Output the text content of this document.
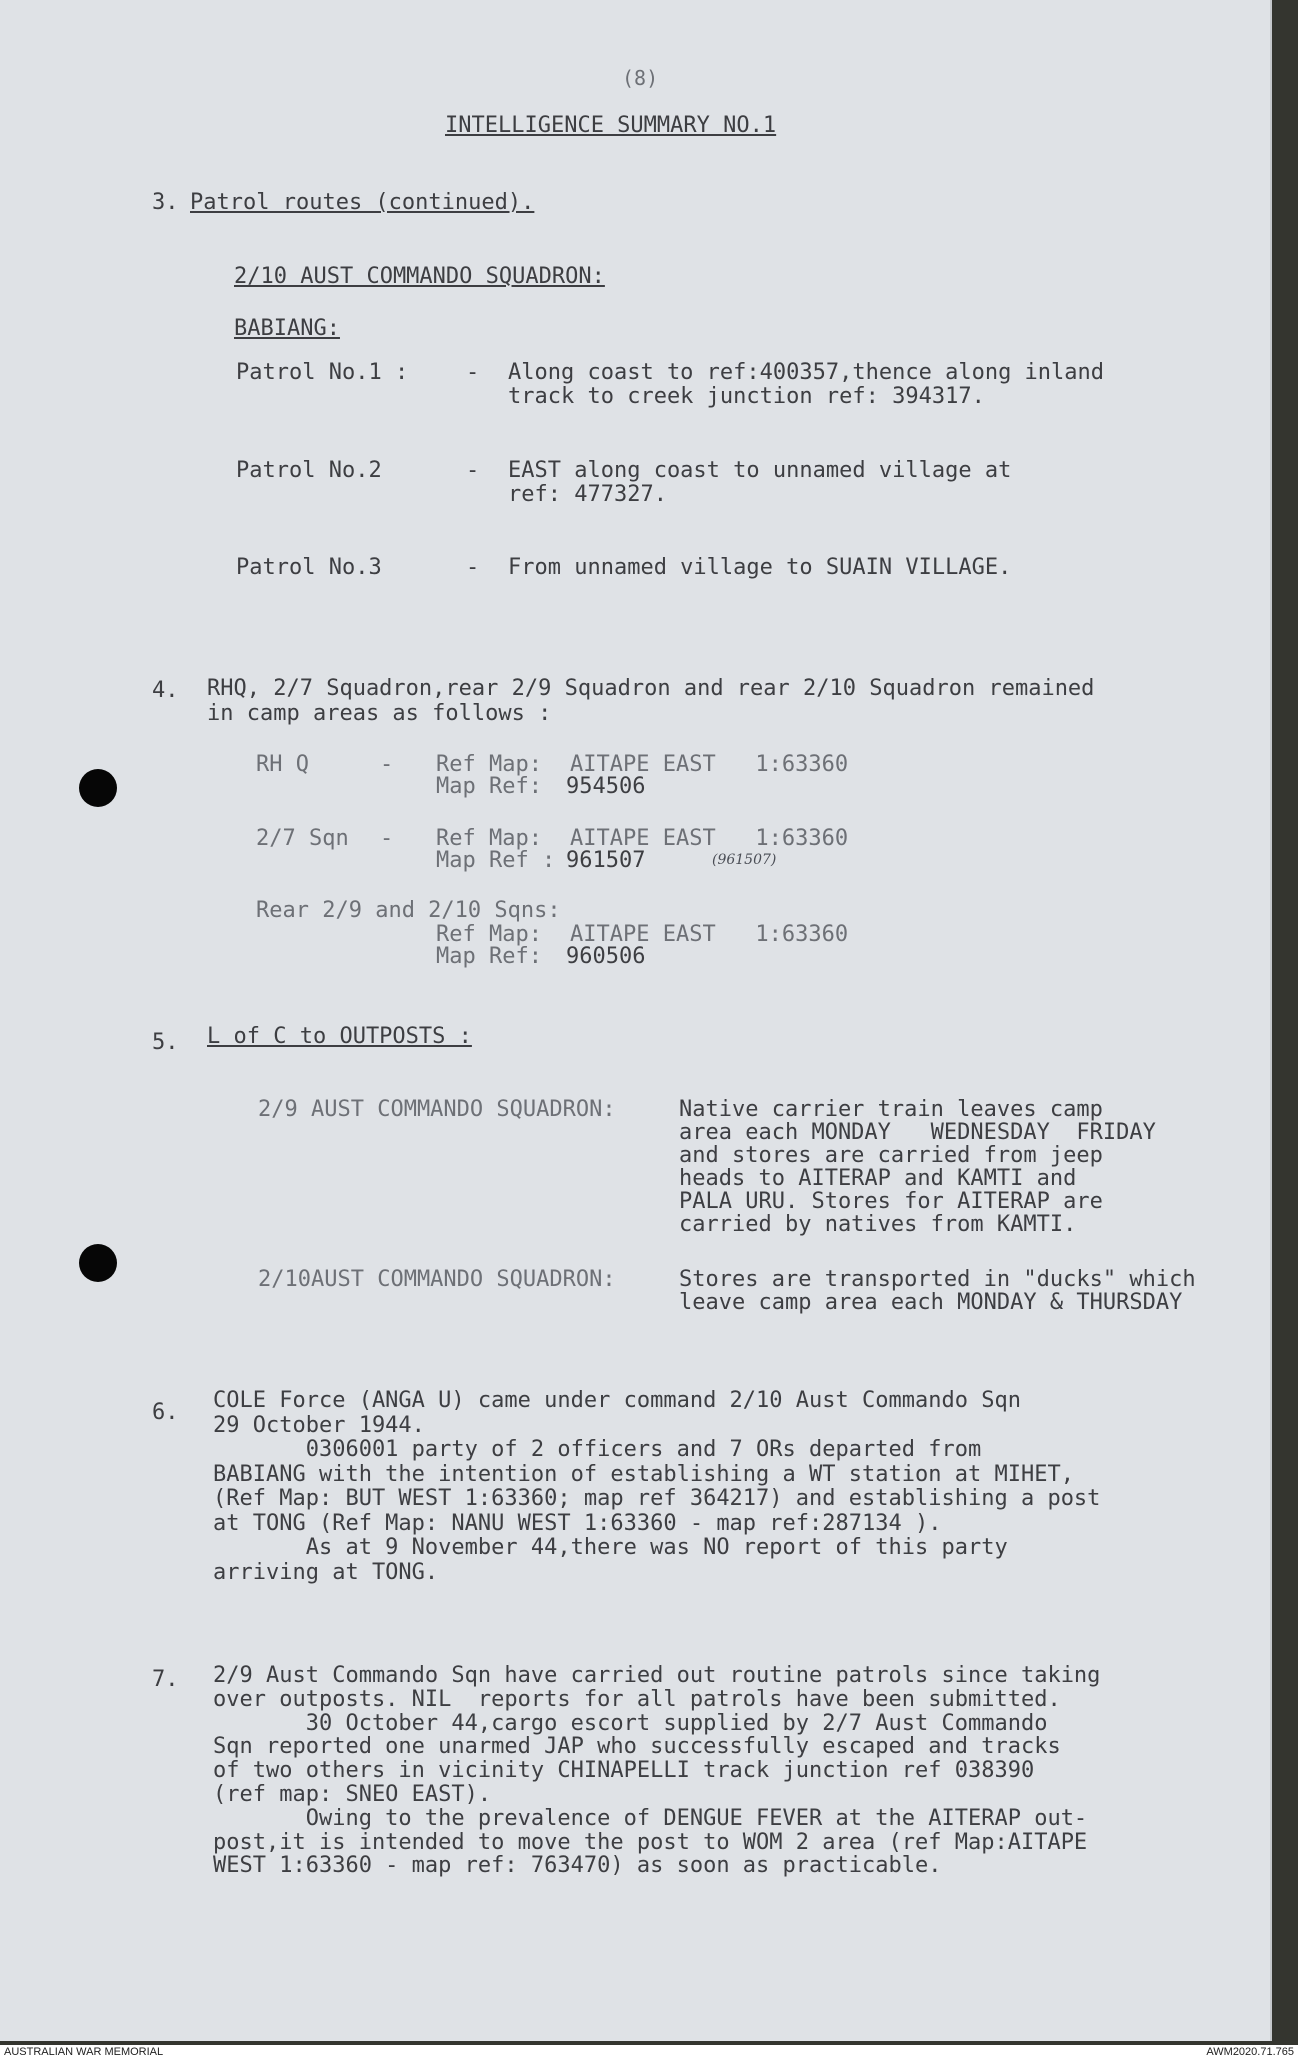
(8)
INTELLIGENCE SUMMARY NO.1
3. Patrol routes (continued).
2/10 AUST COMMANDO SQUADRON:
BABIANG:
Patrol No.1 :	- Along coast to ref:400357,thence along inland
track to creek junction ref: 394317.
Patrol No.2	- EAST along coast to unnamed village at
ref: 477327.
Patrol No.3	- From unnamed village to SUAIN VILLAGE.
4. RHQ, 2/7 Squadron,rear 2/9 Squadron and rear 2/10 Squadron remained
in camp areas as follows :
RH Q	- Ref Map: AITAPE EAST   1:63360
Map Ref: 954506
2/7 Sqn - Ref Map: AITAPE EAST   1:63360
Map Ref : 961507	(961507)
Rear 2/9 and 2/10 Sqns:
Ref Map: AITAPE EAST   1:63360
Map Ref: 960506
5. L of C to OUTPOSTS :
2/9 AUST COMMANDO SQUADRON:	Native carrier train leaves camp
area each MONDAY   WEDNESDAY  FRIDAY
and stores are carried from jeep
heads to AITERAP and KAMTI and
PALA URU. Stores for AITERAP are
carried by natives from KAMTI.
2/10AUST COMMANDO SQUADRON:	Stores are transported in "ducks" which
leave camp area each MONDAY & THURSDAY
6. COLE Force (ANGA U) came under command 2/10 Aust Commando Sqn
29 October 1944.
0306001 party of 2 officers and 7 ORs departed from
BABIANG with the intention of establishing a WT station at MIHET,
(Ref Map: BUT WEST 1:63360; map ref 364217) and establishing a post
at TONG (Ref Map: NANU WEST 1:63360 - map ref:287134 ).
As at 9 November 44,there was NO report of this party
arriving at TONG.
7. 2/9 Aust Commando Sqn have carried out routine patrols since taking
over outposts. NIL  reports for all patrols have been submitted.
30 October 44,cargo escort supplied by 2/7 Aust Commando
Sqn reported one unarmed JAP who successfully escaped and tracks
of two others in vicinity CHINAPELLI track junction ref 038390
(ref map: SNEO EAST).
Owing to the prevalence of DENGUE FEVER at the AITERAP out-
post,it is intended to move the post to WOM 2 area (ref Map:AITAPE
WEST 1:63360 - map ref: 763470) as soon as practicable.
AUSTRALIAN WAR MEMORIAL	AWM2020.71.765
